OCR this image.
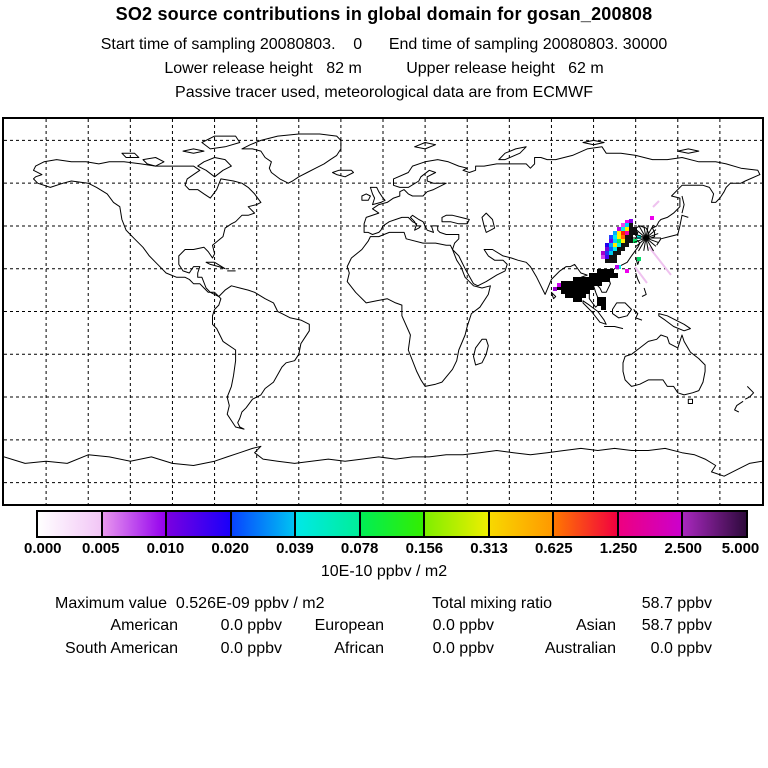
SO2 source contributions in global domain for gosan_200808
Start time of sampling 20080803.    0      End time of sampling 20080803. 30000
Lower release height   82 m          Upper release height   62 m
Passive tracer used, meteorological data are from ECMWF
0.000 0.005 0.010 0.020 0.039 0.078 0.156 0.313 0.625 1.250 2.500 5.000
10E-10 ppbv / m2
Maximum value 0.526E-09 ppbv / m2	Total mixing ratio	58.7 ppbv
American	0.0 ppbv	European	0.0 ppbv	Asian	58.7 ppbv
South American	0.0 ppbv	African	0.0 ppbv	Australian	0.0 ppbv
